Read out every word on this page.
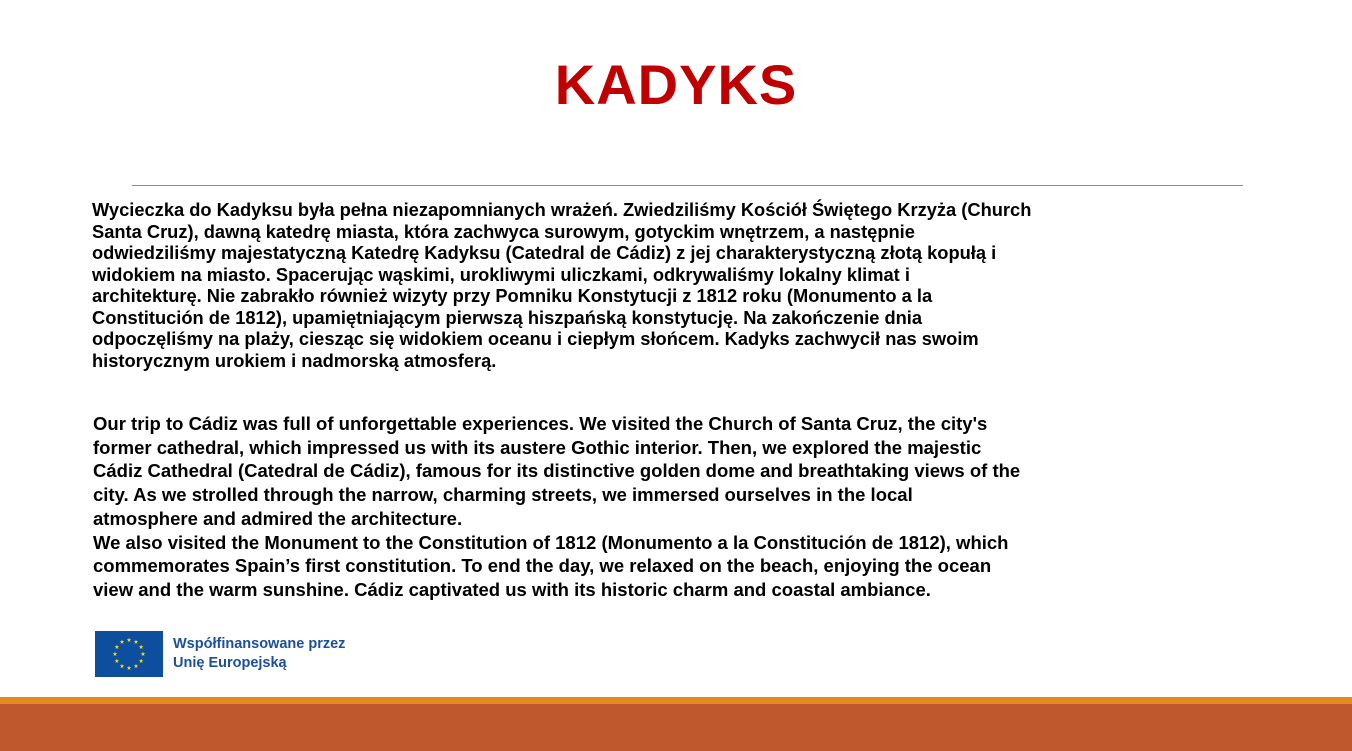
KADYKS

Wycieczka do Kadyksu była pełna niezapomnianych wrażeń. Zwiedziliśmy Kościół Świętego Krzyża (Church
Santa Cruz), dawną katedrę miasta, która zachwyca surowym, gotyckim wnętrzem, a następnie
odwiedziliśmy majestatyczną Katedrę Kadyksu (Catedral de Cádiz) z jej charakterystyczną złotą kopułą i
widokiem na miasto. Spacerując wąskimi, urokliwymi uliczkami, odkrywaliśmy lokalny klimat i
architekturę. Nie zabrakło również wizyty przy Pomniku Konstytucji z 1812 roku (Monumento a la
Constitución de 1812), upamiętniającym pierwszą hiszpańską konstytucję. Na zakończenie dnia
odpoczęliśmy na plaży, ciesząc się widokiem oceanu i ciepłym słońcem. Kadyks zachwycił nas swoim
historycznym urokiem i nadmorską atmosferą.

Our trip to Cádiz was full of unforgettable experiences. We visited the Church of Santa Cruz, the city's
former cathedral, which impressed us with its austere Gothic interior. Then, we explored the majestic
Cádiz Cathedral (Catedral de Cádiz), famous for its distinctive golden dome and breathtaking views of the
city. As we strolled through the narrow, charming streets, we immersed ourselves in the local
atmosphere and admired the architecture.
We also visited the Monument to the Constitution of 1812 (Monumento a la Constitución de 1812), which
commemorates Spain’s first constitution. To end the day, we relaxed on the beach, enjoying the ocean
view and the warm sunshine. Cádiz captivated us with its historic charm and coastal ambiance.

Współfinansowane przez
Unię Europejską
